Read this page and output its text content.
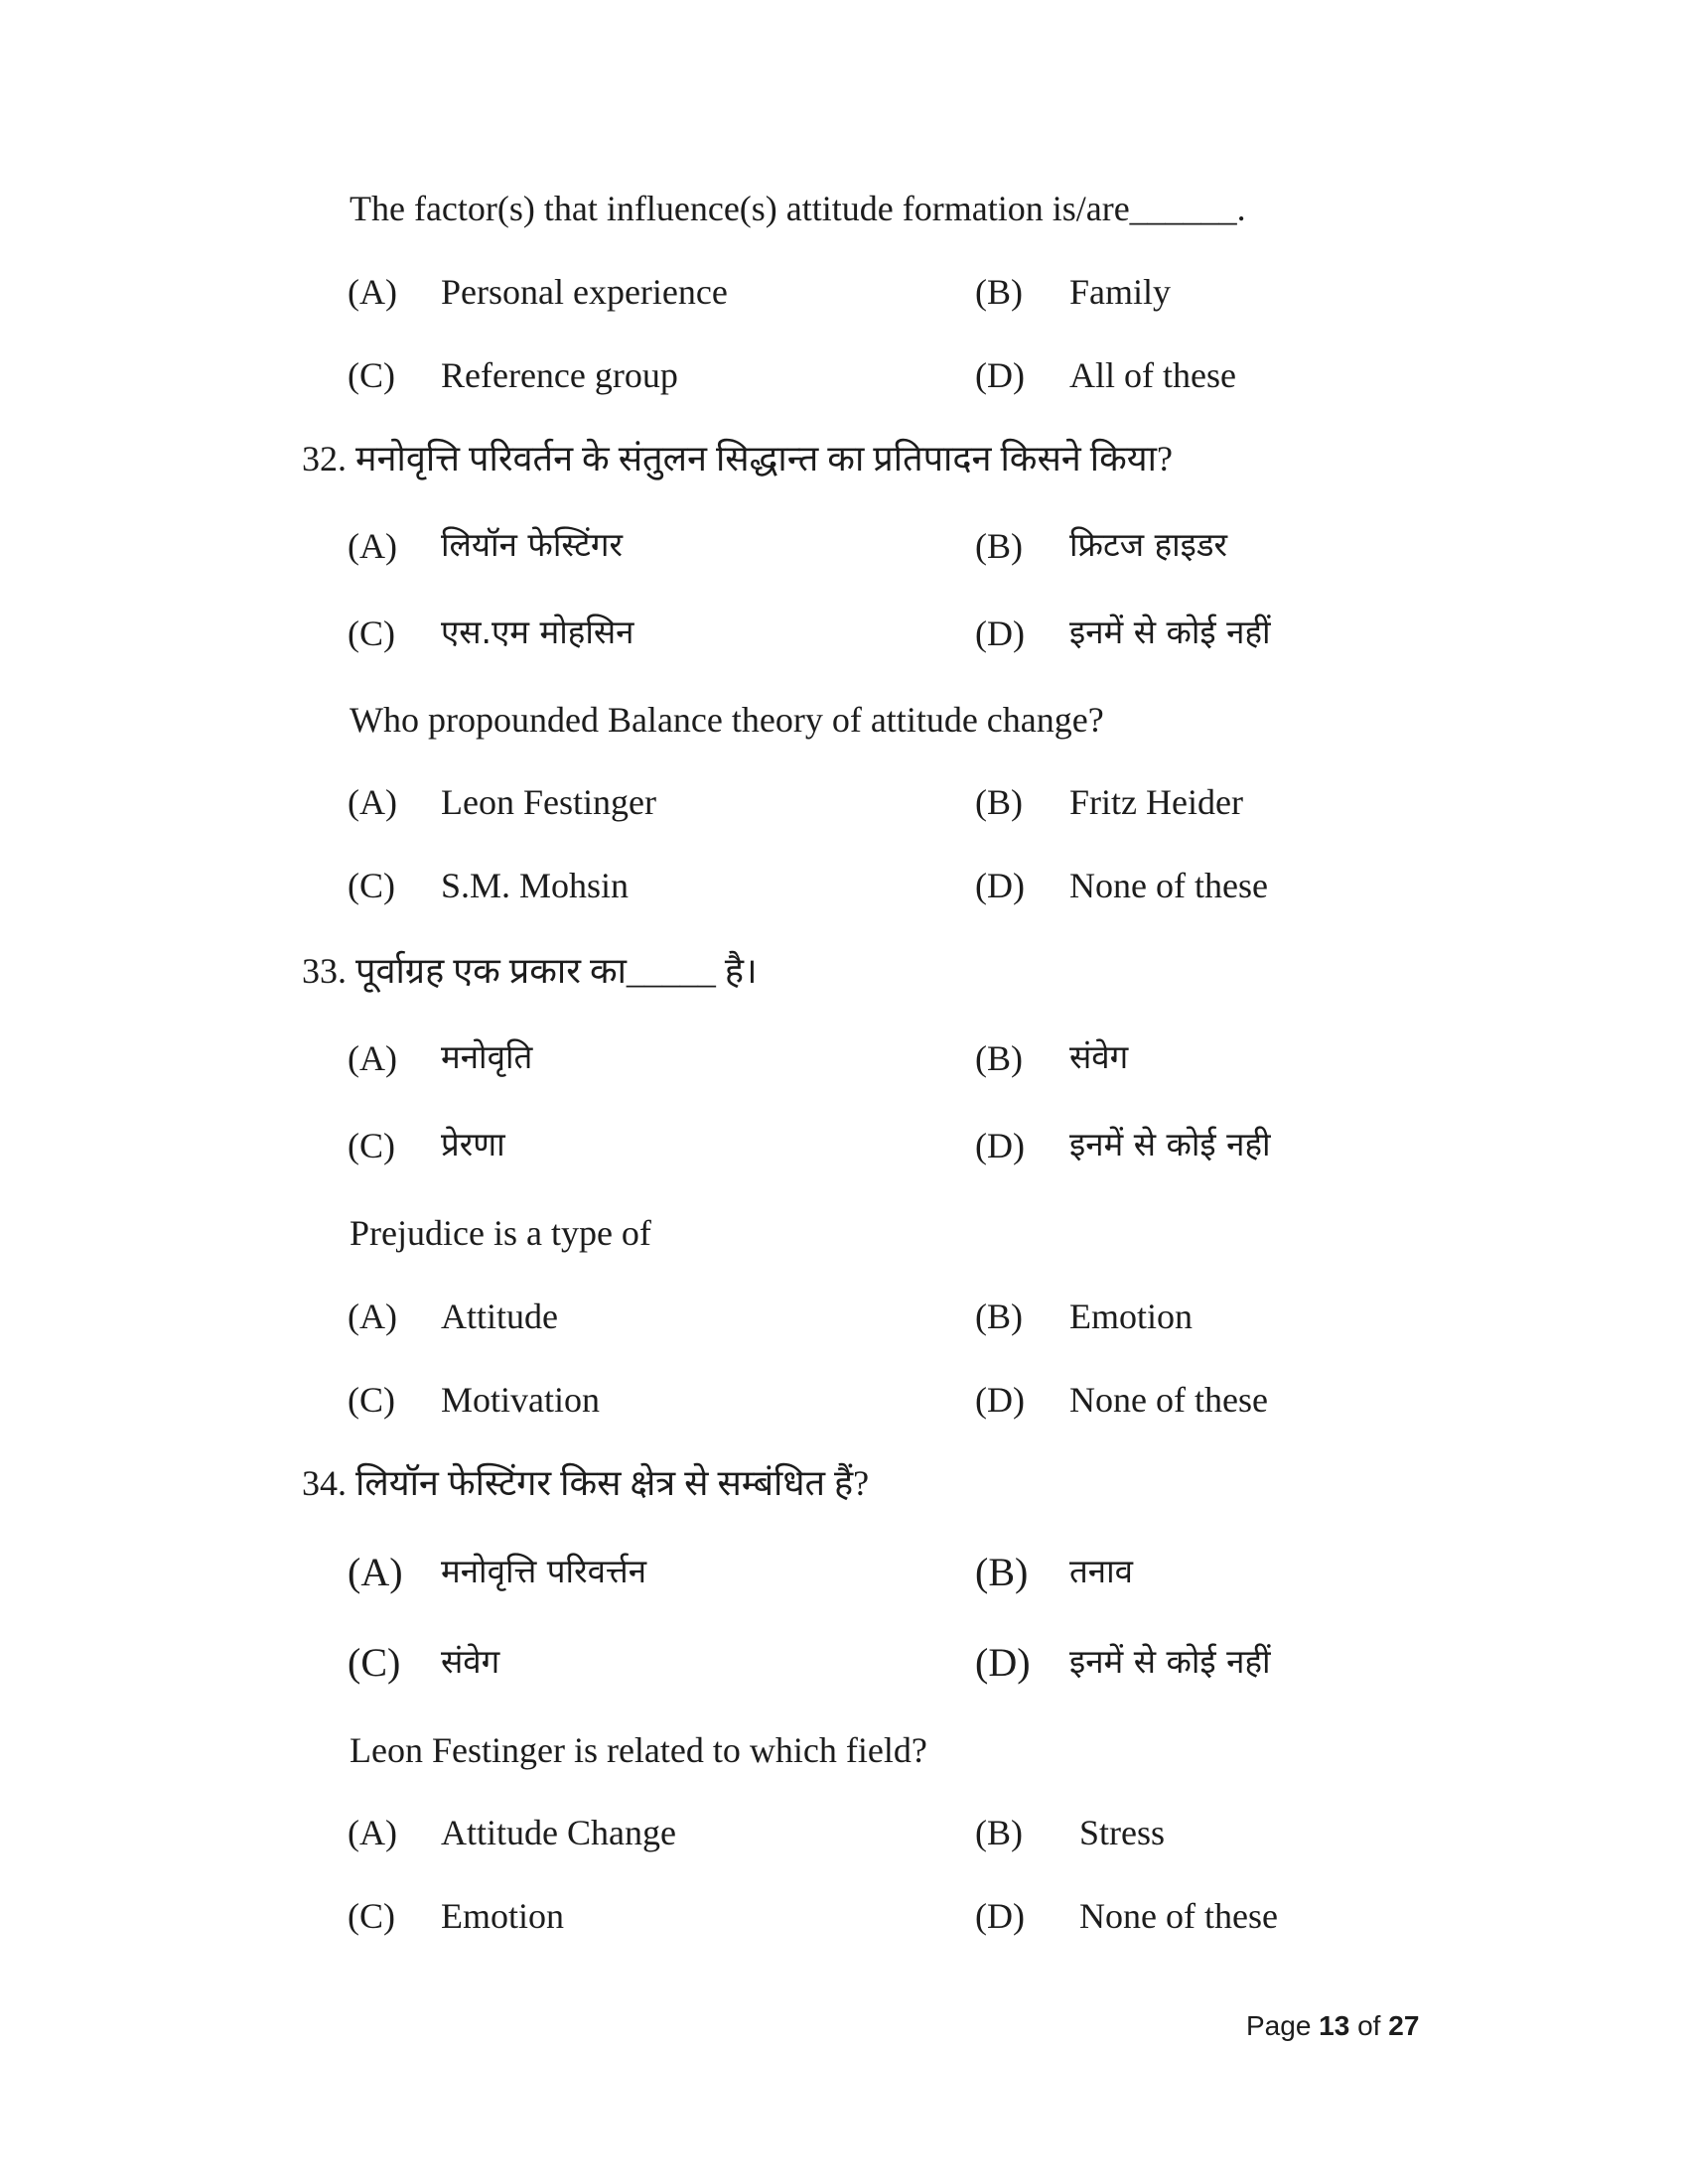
The factor(s) that influence(s) attitude formation is/are______.
(A) Personal experience	(B) Family
(C) Reference group	(D) All of these
32. मनोवृत्ति परिवर्तन के संतुलन सिद्धान्त का प्रतिपादन किसने किया?
(A) लियॉन फेस्टिंगर	(B) फ्रिटज हाइडर
(C) एस.एम मोहसिन	(D) इनमें से कोई नहीं
Who propounded Balance theory of attitude change?
(A) Leon Festinger	(B) Fritz Heider
(C) S.M. Mohsin	(D) None of these
33. पूर्वाग्रह एक प्रकार का_____ है।
(A) मनोवृति	(B) संवेग
(C) प्रेरणा	(D) इनमें से कोई नही
Prejudice is a type of
(A) Attitude	(B) Emotion
(C) Motivation	(D) None of these
34. लियॉन फेस्टिंगर किस क्षेत्र से सम्बंधित हैं?
(A) मनोवृत्ति परिवर्त्तन	(B) तनाव
(C) संवेग	(D) इनमें से कोई नहीं
Leon Festinger is related to which field?
(A) Attitude Change	(B) Stress
(C) Emotion	(D) None of these
Page 13 of 27
